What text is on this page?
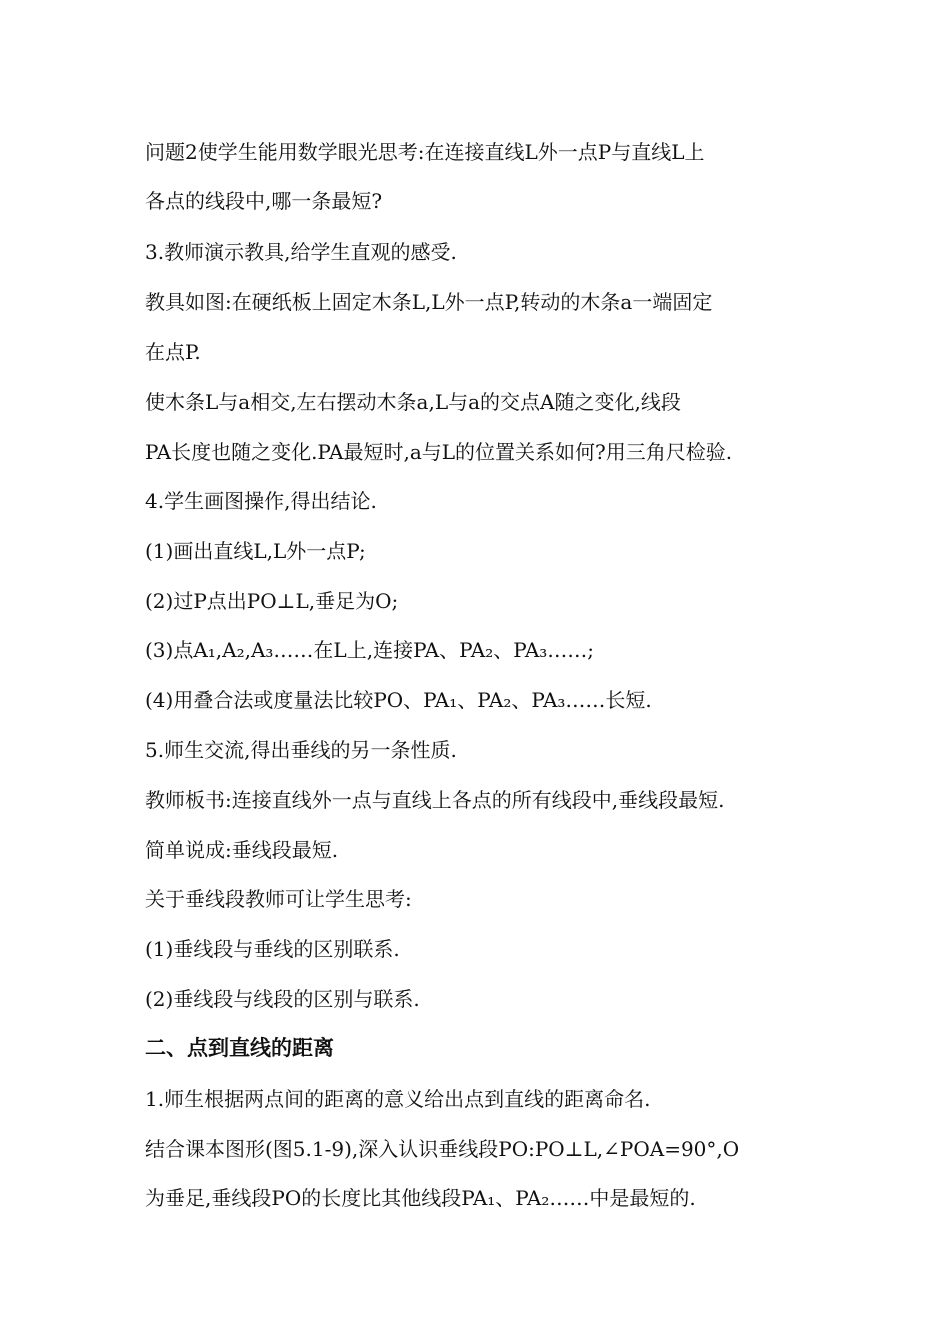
问题2使学生能用数学眼光思考:在连接直线L外一点P与直线L上
各点的线段中,哪一条最短?
3.教师演示教具,给学生直观的感受.
教具如图:在硬纸板上固定木条L,L外一点P,转动的木条a一端固定
在点P.
使木条L与a相交,左右摆动木条a,L与a的交点A随之变化,线段
PA长度也随之变化.PA最短时,a与L的位置关系如何?用三角尺检验.
4.学生画图操作,得出结论.
(1)画出直线L,L外一点P;
(2)过P点出PO⊥L,垂足为O;
(3)点A₁,A₂,A₃……在L上,连接PA、PA₂、PA₃……;
(4)用叠合法或度量法比较PO、PA₁、PA₂、PA₃……长短.
5.师生交流,得出垂线的另一条性质.
教师板书:连接直线外一点与直线上各点的所有线段中,垂线段最短.
简单说成:垂线段最短.
关于垂线段教师可让学生思考:
(1)垂线段与垂线的区别联系.
(2)垂线段与线段的区别与联系.
二、点到直线的距离
1.师生根据两点间的距离的意义给出点到直线的距离命名.
结合课本图形(图5.1-9),深入认识垂线段PO:PO⊥L,∠POA=90°,O
为垂足,垂线段PO的长度比其他线段PA₁、PA₂……中是最短的.
